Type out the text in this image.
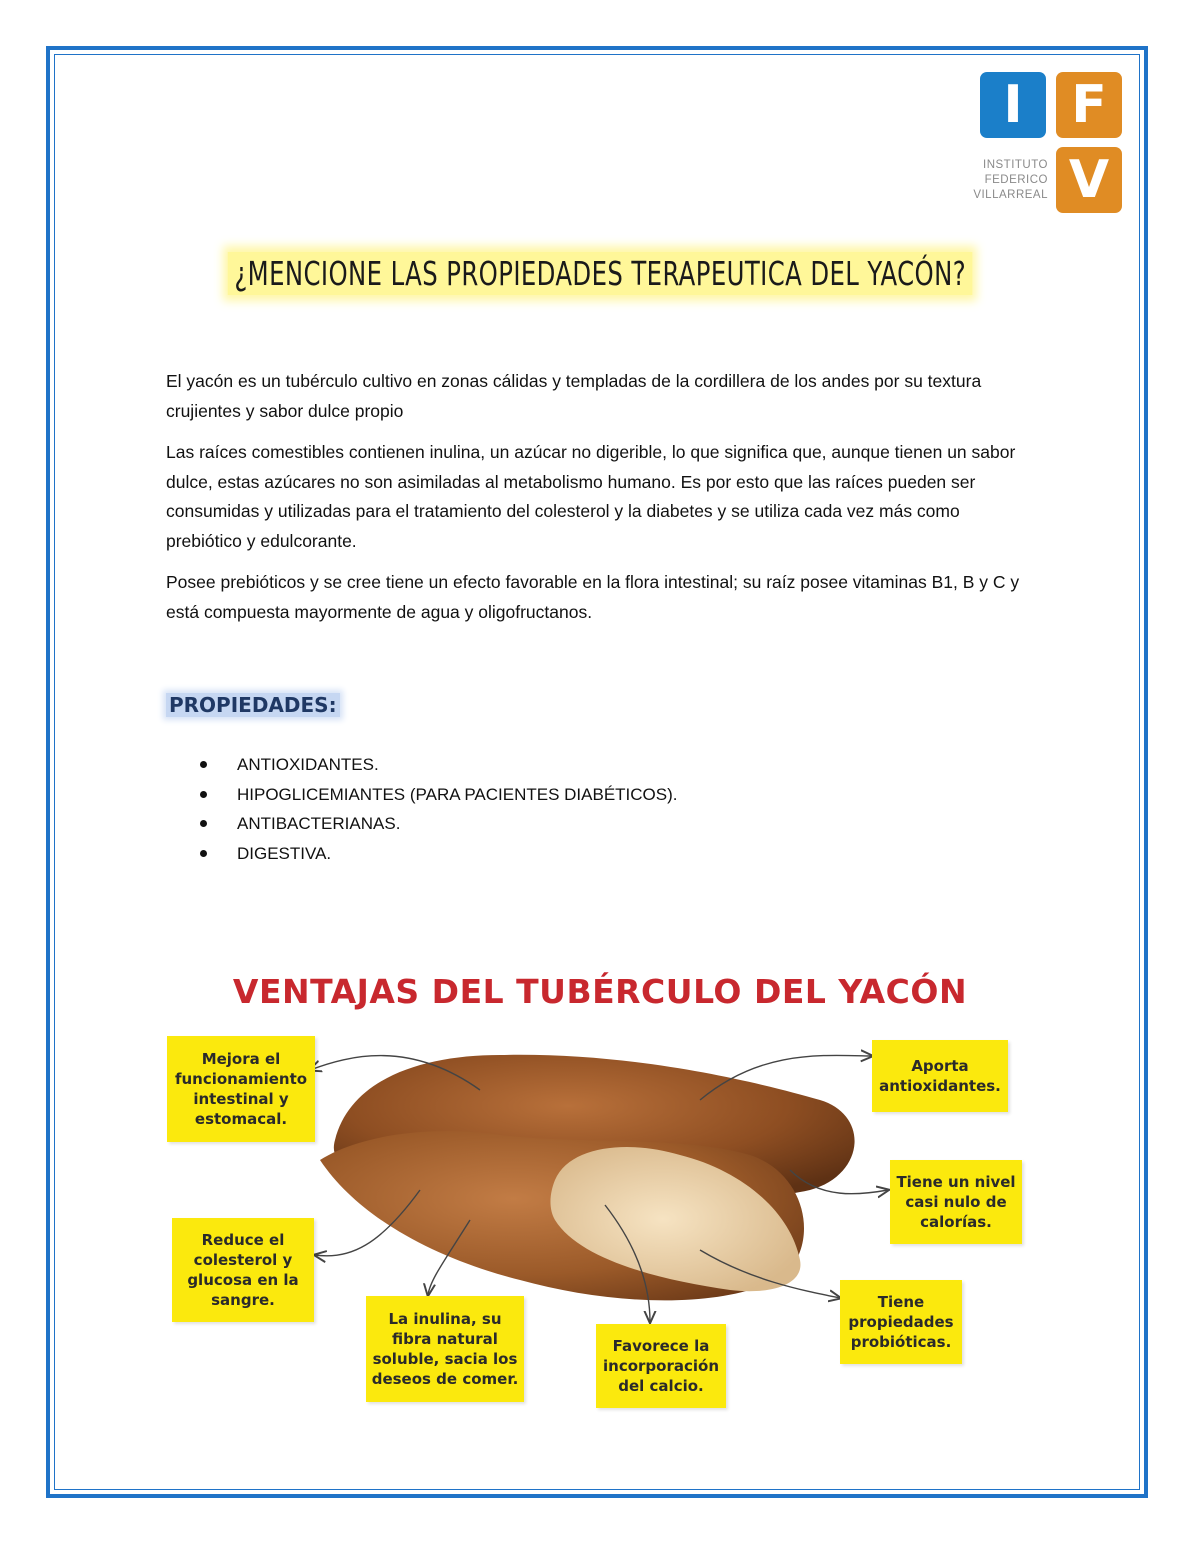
I F
V
INSTITUTO
FEDERICO
VILLARREAL
¿MENCIONE LAS PROPIEDADES TERAPEUTICA DEL YACÓN?

El yacón es un tubérculo cultivo en zonas cálidas y templadas de la cordillera de los andes por su textura crujientes y sabor dulce propio

Las raíces comestibles contienen inulina, un azúcar no digerible, lo que significa que, aunque tienen un sabor dulce, estas azúcares no son asimiladas al metabolismo humano. Es por esto que las raíces pueden ser consumidas y utilizadas para el tratamiento del colesterol y la diabetes y se utiliza cada vez más como prebiótico y edulcorante.

Posee prebióticos y se cree tiene un efecto favorable en la flora intestinal; su raíz posee vitaminas B1, B y C y está compuesta mayormente de agua y oligofructanos.

PROPIEDADES:
ANTIOXIDANTES.
HIPOGLICEMIANTES (PARA PACIENTES DIABÉTICOS).
ANTIBACTERIANAS.
DIGESTIVA.
VENTAJAS DEL TUBÉRCULO DEL YACÓN
Mejora el
funcionamiento
intestinal y
estomacal.
Aporta
antioxidantes.
Tiene un nivel
casi nulo de
calorías.
Reduce el
colesterol y
glucosa en la
sangre.
La inulina, su
fibra natural
soluble, sacia los
deseos de comer.
Favorece la
incorporación
del calcio.
Tiene
propiedades
probióticas.
